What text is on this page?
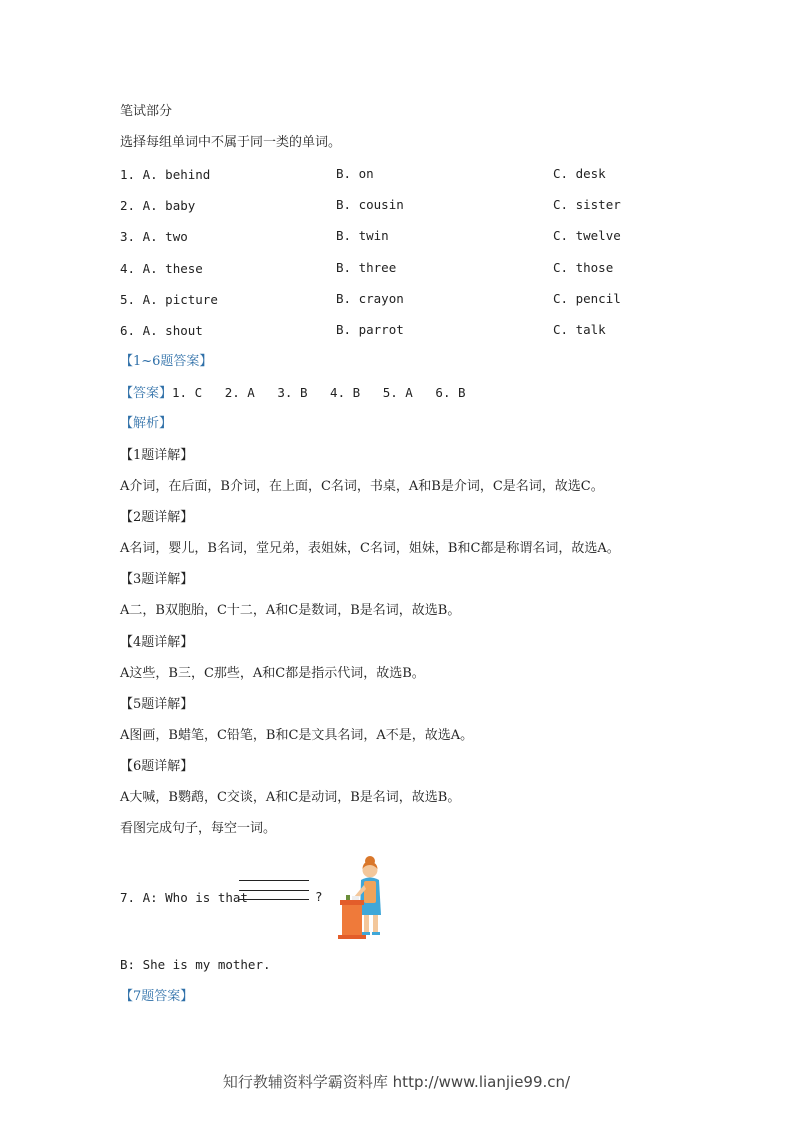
笔试部分
选择每组单词中不属于同一类的单词。
1. A. behind	B. on	C. desk
2. A. baby	B. cousin	C. sister
3. A. two	B. twin	C. twelve
4. A. these	B. three	C. those
5. A. picture	B. crayon	C. pencil
6. A. shout	B. parrot	C. talk
【1~6题答案】
【答案】1. C   2. A   3. B   4. B   5. A   6. B
【解析】
【1题详解】
A介词，在后面，B介词，在上面，C名词，书桌，A和B是介词，C是名词，故选C。
【2题详解】
A名词，婴儿，B名词，堂兄弟，表姐妹，C名词，姐妹，B和C都是称谓名词，故选A。
【3题详解】
A二，B双胞胎，C十二，A和C是数词，B是名词，故选B。
【4题详解】
A这些，B三，C那些，A和C都是指示代词，故选B。
【5题详解】
A图画，B蜡笔，C铅笔，B和C是文具名词，A不是，故选A。
【6题详解】
A大喊，B鹦鹉，C交谈，A和C是动词，B是名词，故选B。
看图完成句子，每空一词。
7. A: Who is that	?
B: She is my mother.
【7题答案】
知行教辅资料学霸资料库 http://www.lianjie99.cn/
